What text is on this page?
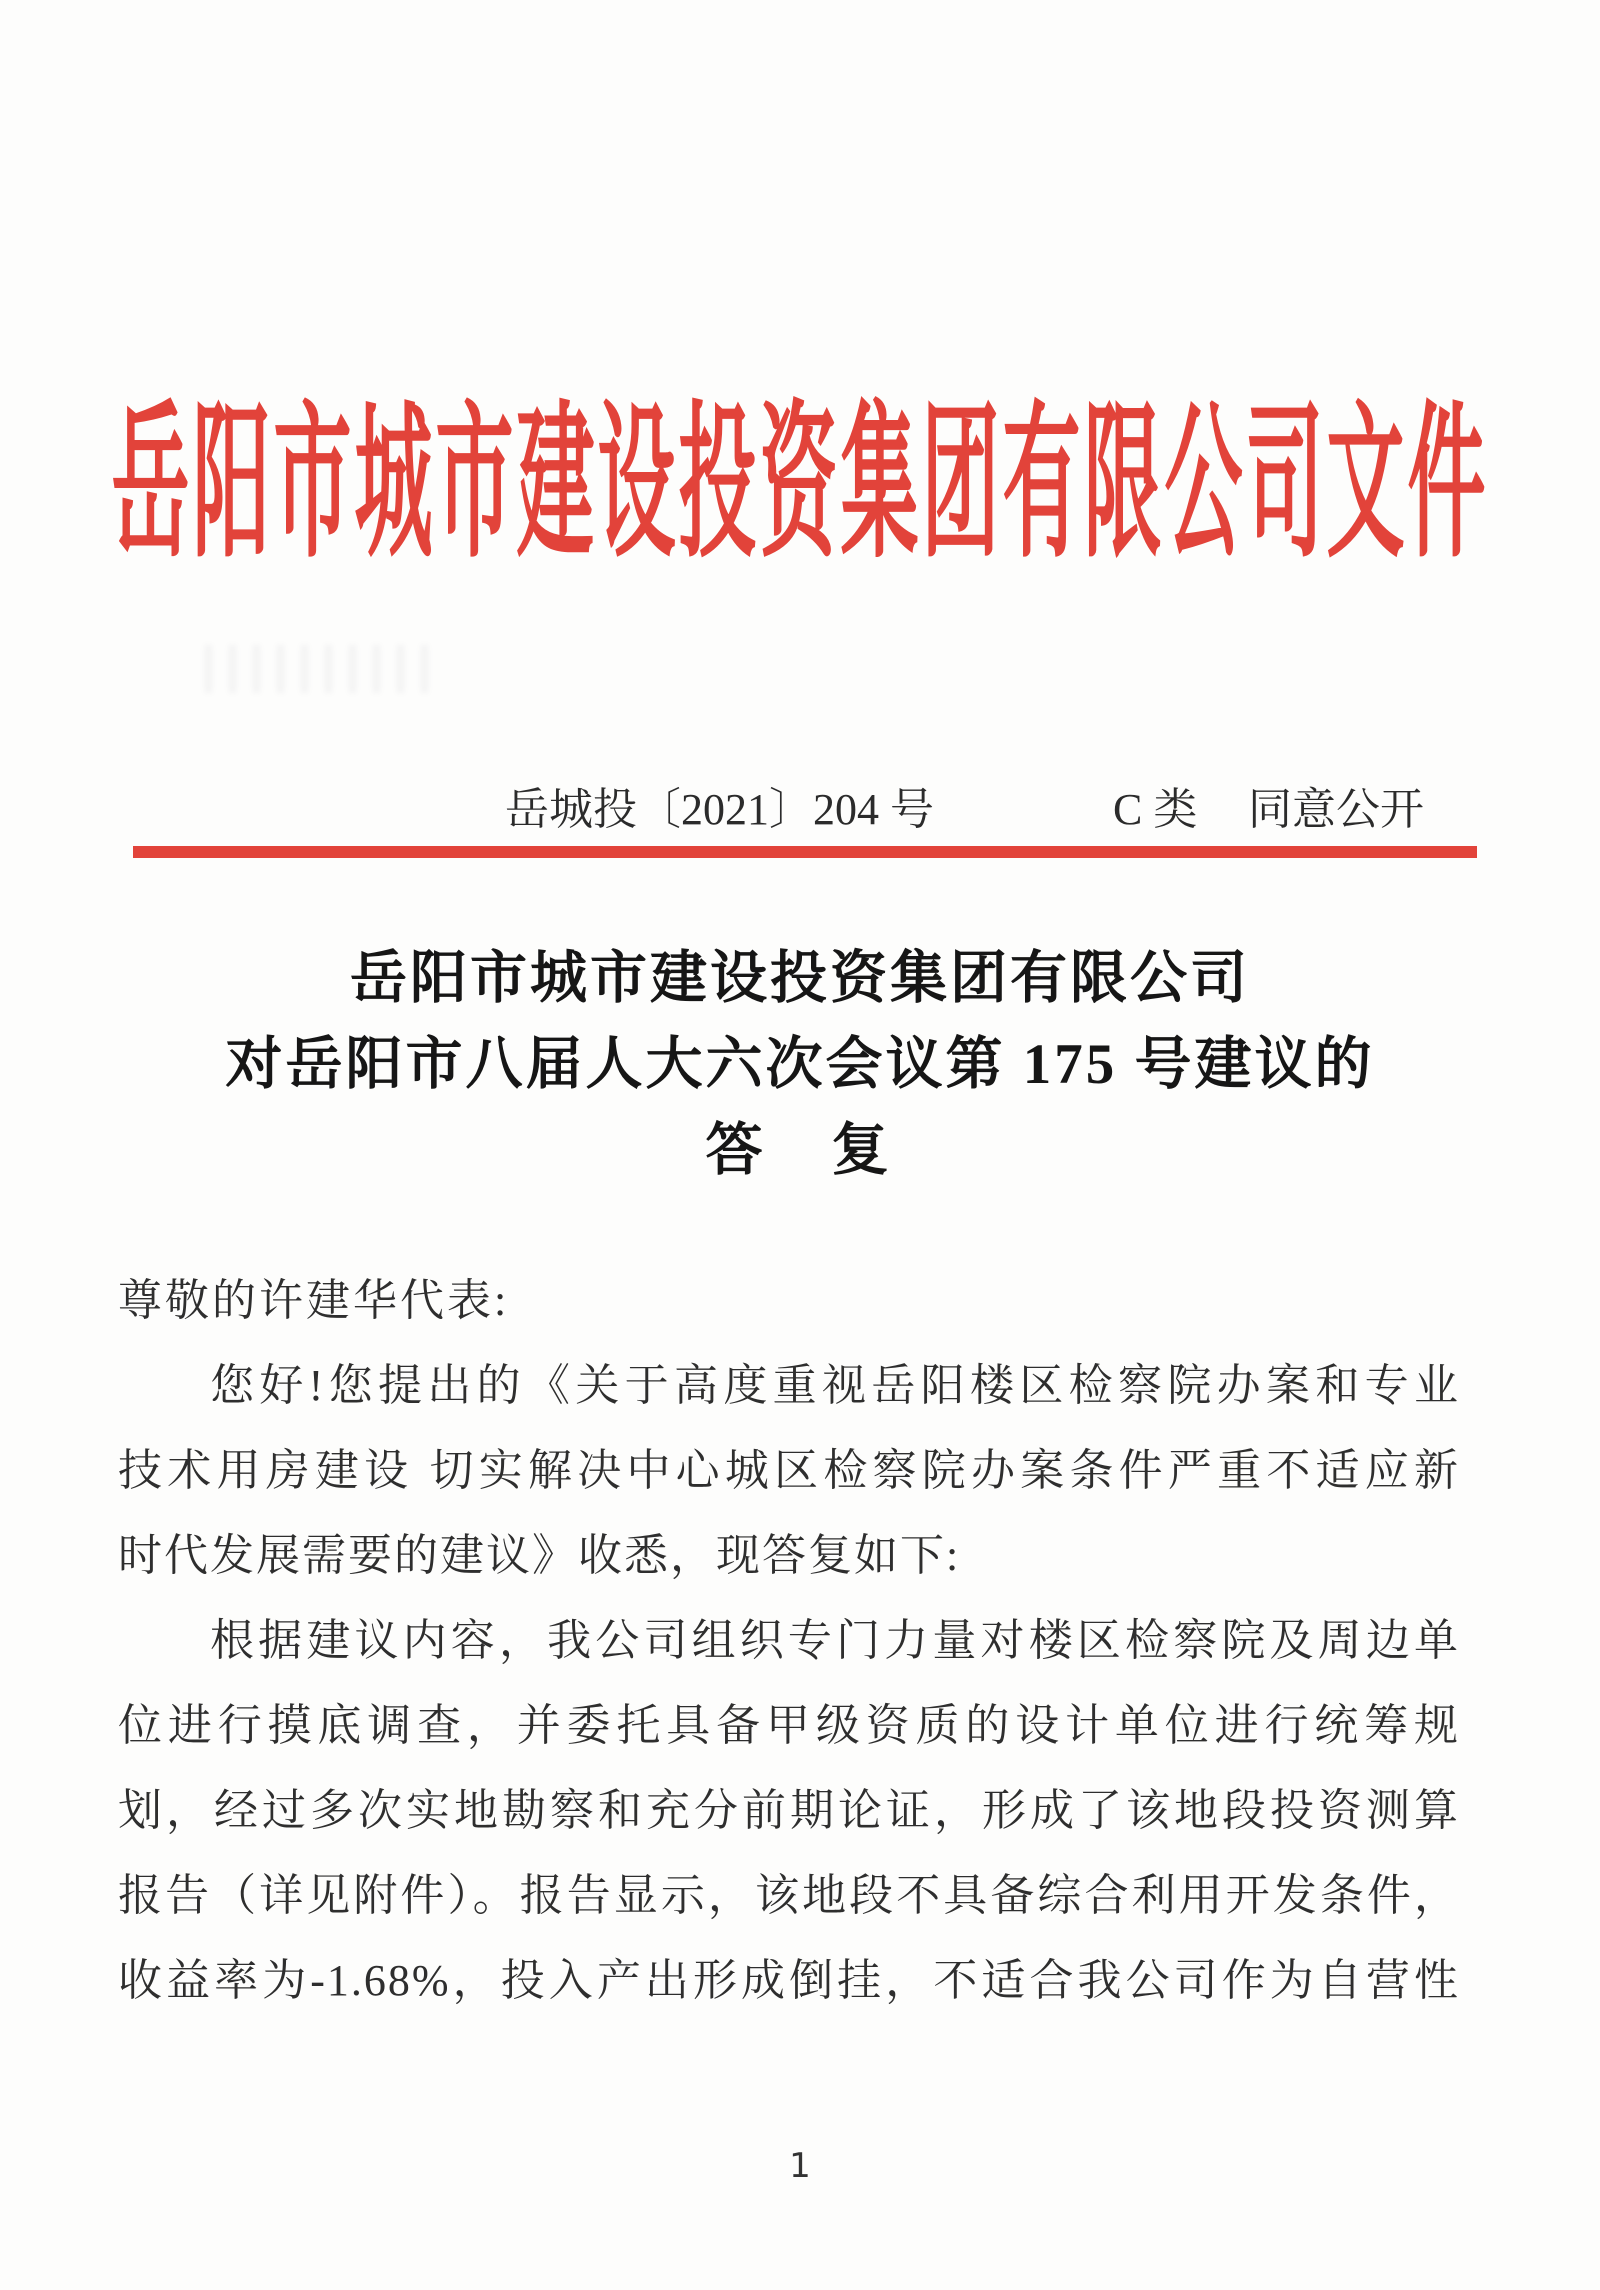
岳阳市城市建设投资集团有限公司文件
岳城投〔2021〕204 号	C 类 同意公开
岳阳市城市建设投资集团有限公司
对岳阳市八届人大六次会议第 175 号建议的
答　复
尊敬的许建华代表:
您好!您提出的《关于高度重视岳阳楼区检察院办案和专业
技术用房建设 切实解决中心城区检察院办案条件严重不适应新
时代发展需要的建议》收悉，现答复如下:
根据建议内容，我公司组织专门力量对楼区检察院及周边单
位进行摸底调查，并委托具备甲级资质的设计单位进行统筹规
划，经过多次实地勘察和充分前期论证，形成了该地段投资测算
报告（详见附件）。报告显示，该地段不具备综合利用开发条件，
收益率为-1.68%，投入产出形成倒挂，不适合我公司作为自营性
1
